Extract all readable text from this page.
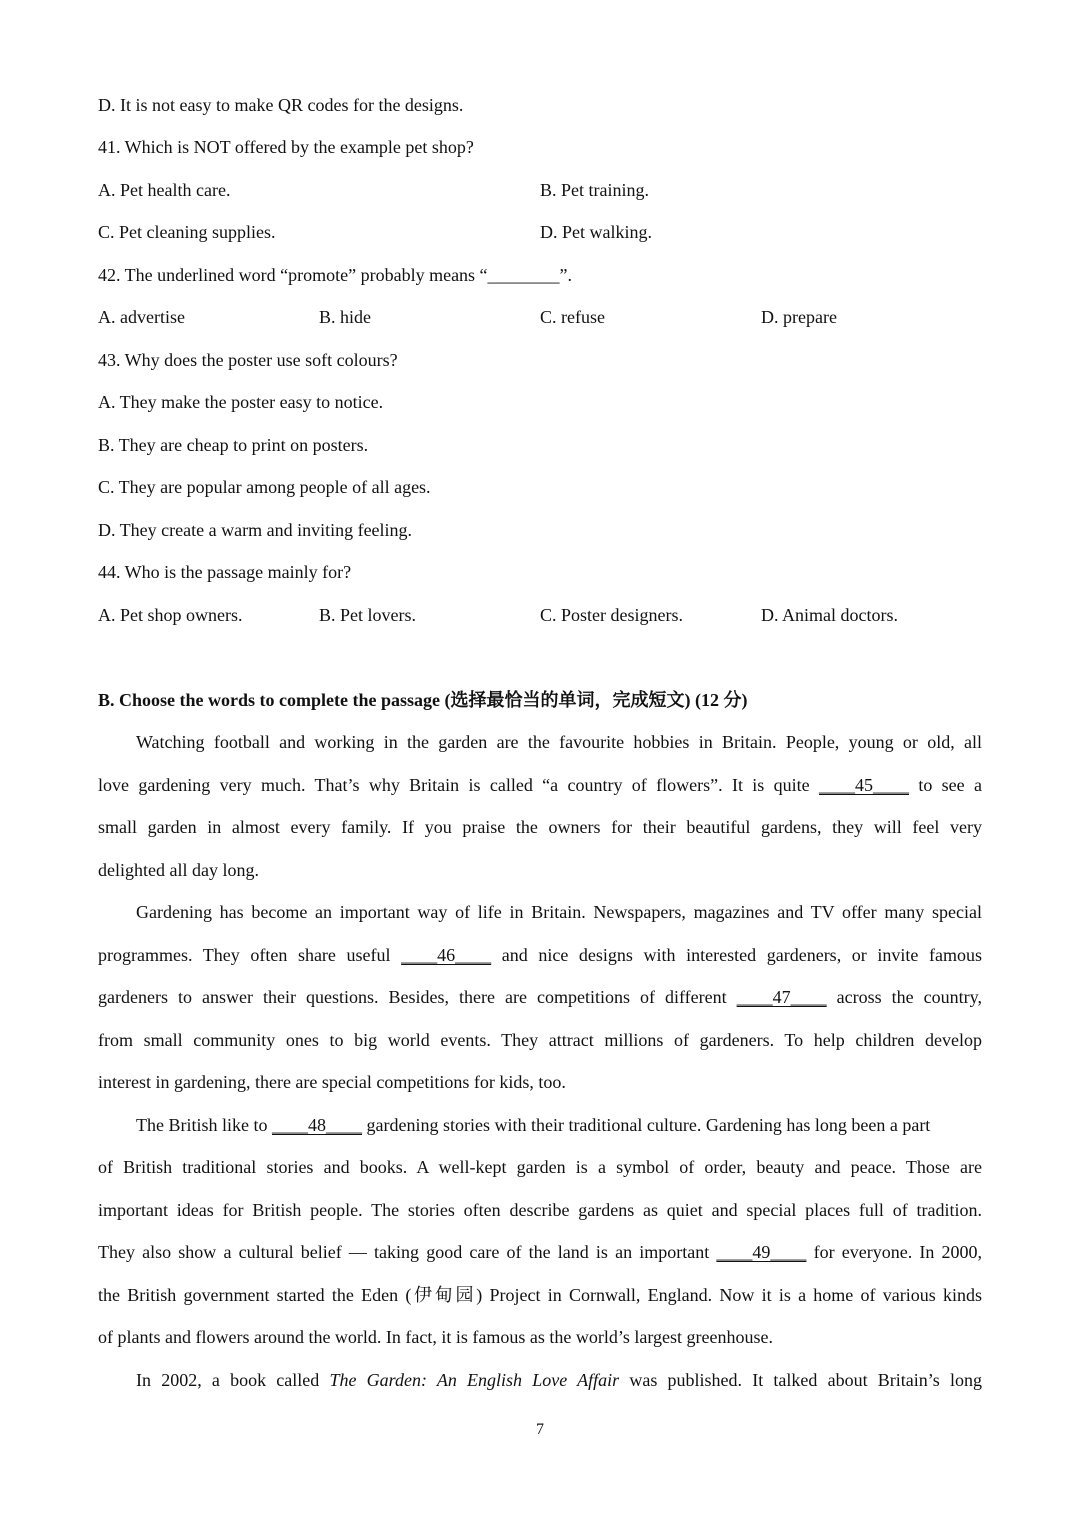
D. It is not easy to make QR codes for the designs.
41. Which is NOT offered by the example pet shop?
A. Pet health care.	B. Pet training.
C. Pet cleaning supplies.	D. Pet walking.
42. The underlined word “promote” probably means “________”.
A. advertise	B. hide	C. refuse	D. prepare
43. Why does the poster use soft colours?
A. They make the poster easy to notice.
B. They are cheap to print on posters.
C. They are popular among people of all ages.
D. They create a warm and inviting feeling.
44. Who is the passage mainly for?
A. Pet shop owners.	B. Pet lovers.	C. Poster designers.	D. Animal doctors.
B. Choose the words to complete the passage (选择最恰当的单词，完成短文) (12 分)
Watching football and working in the garden are the favourite hobbies in Britain. People, young or old, all
love gardening very much. That’s why Britain is called “a country of flowers”. It is quite ____45____ to see a
small garden in almost every family. If you praise the owners for their beautiful gardens, they will feel very
delighted all day long.
Gardening has become an important way of life in Britain. Newspapers, magazines and TV offer many special
programmes. They often share useful ____46____ and nice designs with interested gardeners, or invite famous
gardeners to answer their questions. Besides, there are competitions of different ____47____ across the country,
from small community ones to big world events. They attract millions of gardeners. To help children develop
interest in gardening, there are special competitions for kids, too.
The British like to ____48____ gardening stories with their traditional culture. Gardening has long been a part
of British traditional stories and books. A well-kept garden is a symbol of order, beauty and peace. Those are
important ideas for British people. The stories often describe gardens as quiet and special places full of tradition.
They also show a cultural belief — taking good care of the land is an important ____49____ for everyone. In 2000,
the British government started the Eden (伊甸园) Project in Cornwall, England. Now it is a home of various kinds
of plants and flowers around the world. In fact, it is famous as the world’s largest greenhouse.
In 2002, a book called The Garden: An English Love Affair was published. It talked about Britain’s long
7
